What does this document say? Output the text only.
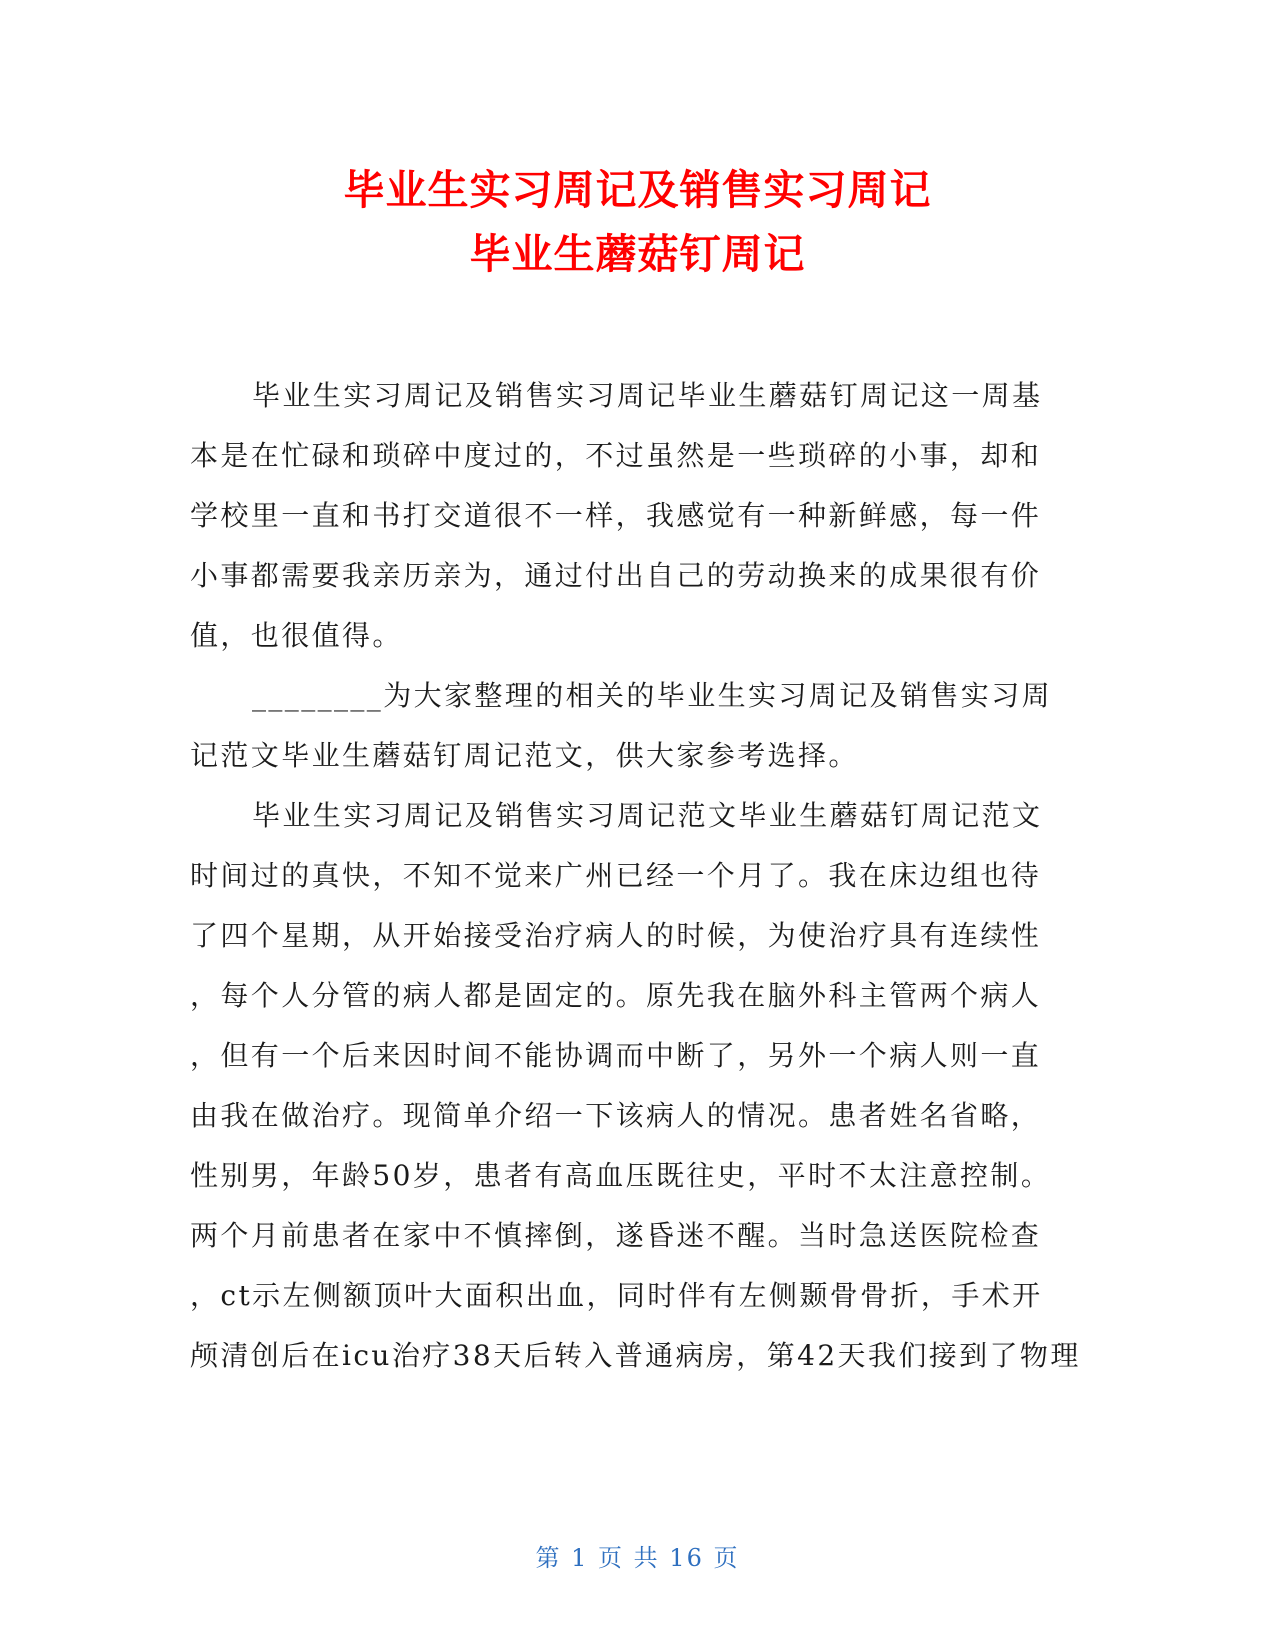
毕业生实习周记及销售实习周记
毕业生蘑菇钉周记
毕业生实习周记及销售实习周记毕业生蘑菇钉周记这一周基
本是在忙碌和琐碎中度过的，不过虽然是一些琐碎的小事，却和
学校里一直和书打交道很不一样，我感觉有一种新鲜感，每一件
小事都需要我亲历亲为，通过付出自己的劳动换来的成果很有价
值，也很值得。
________为大家整理的相关的毕业生实习周记及销售实习周
记范文毕业生蘑菇钉周记范文，供大家参考选择。
毕业生实习周记及销售实习周记范文毕业生蘑菇钉周记范文
时间过的真快，不知不觉来广州已经一个月了。我在床边组也待
了四个星期，从开始接受治疗病人的时候，为使治疗具有连续性
，每个人分管的病人都是固定的。原先我在脑外科主管两个病人
，但有一个后来因时间不能协调而中断了，另外一个病人则一直
由我在做治疗。现简单介绍一下该病人的情况。患者姓名省略，
性别男，年龄50岁，患者有高血压既往史，平时不太注意控制。
两个月前患者在家中不慎摔倒，遂昏迷不醒。当时急送医院检查
，ct示左侧额顶叶大面积出血，同时伴有左侧颞骨骨折，手术开
颅清创后在icu治疗38天后转入普通病房，第42天我们接到了物理
第 1 页 共 16 页
